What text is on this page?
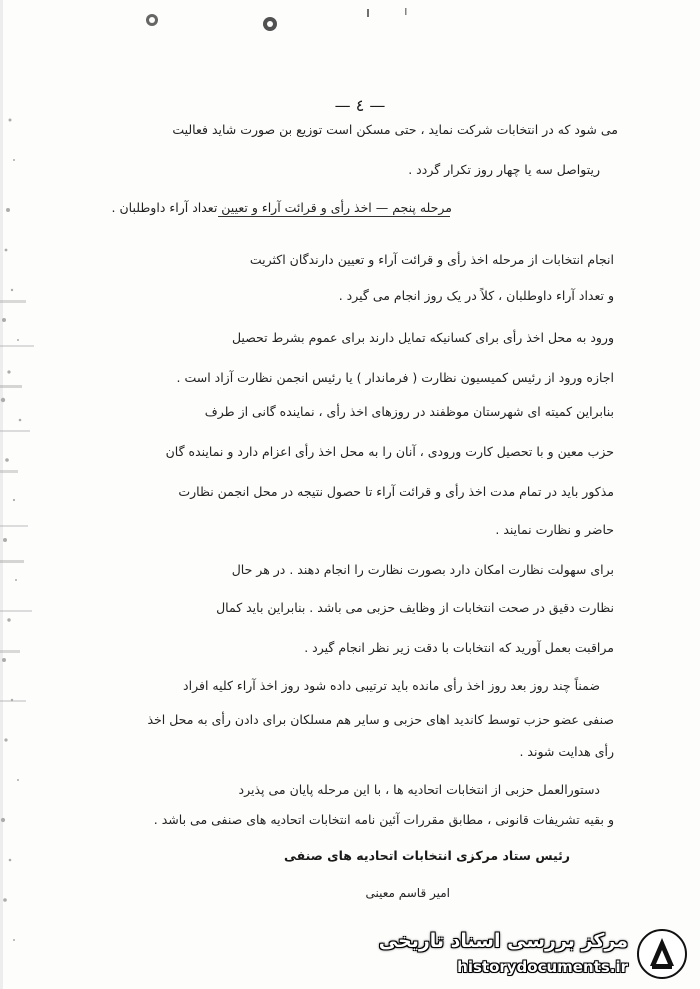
— ٤ —
می شود که در انتخابات شرکت نماید ، حتی مسکن است توزیع بن صورت شاید فعالیت
ریتواصل سه یا چهار روز تکرار گردد .
مرحله پنجم — اخذ رأی و قرائت آراء و تعیین تعداد آراء داوطلبان .
انجام انتخابات از مرحله اخذ رأی و قرائت آراء و تعیین دارندگان اکثریت
و تعداد آراء داوطلبان ، کلاً در یک روز انجام می گیرد .
ورود به محل اخذ رأی برای کسانیکه تمایل دارند برای عموم بشرط تحصیل
اجازه ورود از رئیس کمیسیون نظارت ( فرماندار ) یا رئیس انجمن نظارت آزاد است .
بنابراین کمیته ای شهرستان موظفند در روزهای اخذ رأی ، نماینده گانی از طرف
حزب معین و با تحصیل کارت ورودی ، آنان را به محل اخذ رأی اعزام دارد و نماینده گان
مذکور باید در تمام مدت اخذ رأی و قرائت آراء تا حصول نتیجه در محل انجمن نظارت
حاضر و نظارت نمایند .
برای سهولت نظارت امکان دارد بصورت نظارت را انجام دهند . در هر حال
نظارت دقیق در صحت انتخابات از وظایف حزبی می باشد . بنابراین باید کمال
مراقبت بعمل آورید که انتخابات با دقت زیر نظر انجام گیرد .
ضمناً چند روز بعد روز اخذ رأی مانده باید ترتیبی داده شود روز اخذ آراء کلیه افراد
صنفی عضو حزب توسط کاندید اهای حزبی و سایر هم مسلکان برای دادن رأی به محل اخذ
رأی هدایت شوند .
دستورالعمل حزبی از انتخابات اتحادیه ها ، با این مرحله پایان می پذیرد
و بقیه تشریفات قانونی ، مطابق مقررات آئین نامه انتخابات اتحادیه های صنفی می باشد .
رئیس ستاد مرکزی انتخابات اتحادیه های صنفی
امیر قاسم معینی
مرکز بررسی اسناد تاریخی
historydocuments.ir
